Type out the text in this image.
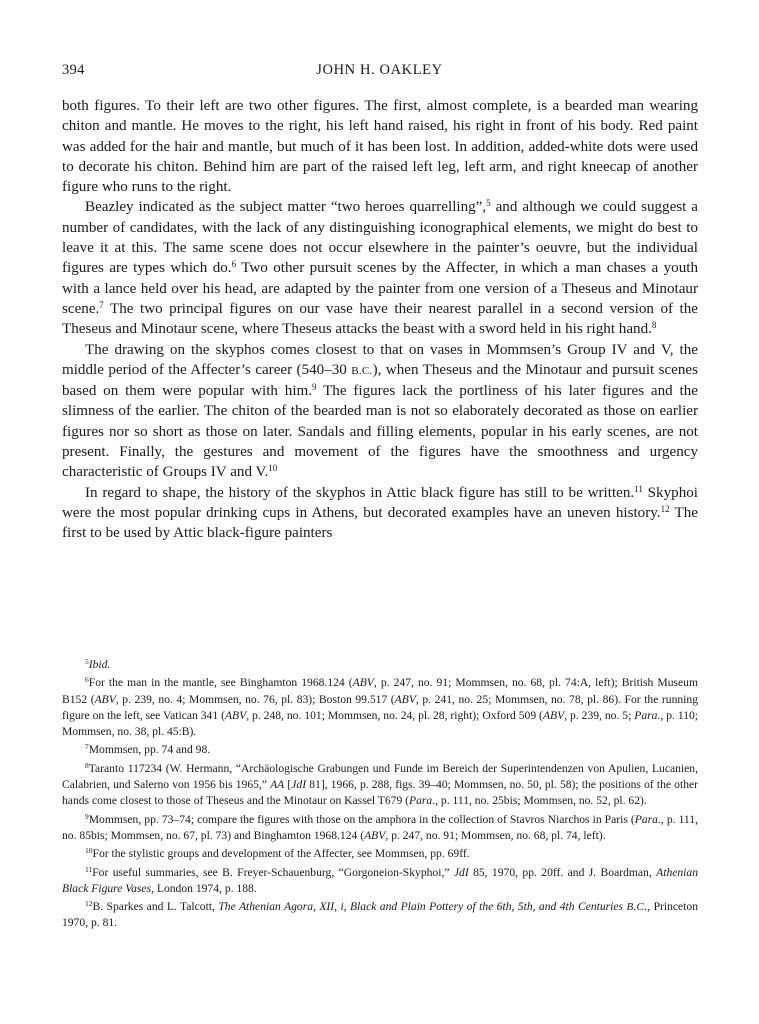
394	JOHN H. OAKLEY

both figures. To their left are two other figures. The first, almost complete, is a bearded man wearing chiton and mantle. He moves to the right, his left hand raised, his right in front of his body. Red paint was added for the hair and mantle, but much of it has been lost. In addition, added-white dots were used to decorate his chiton. Behind him are part of the raised left leg, left arm, and right kneecap of another figure who runs to the right.

Beazley indicated as the subject matter “two heroes quarrelling”,$^5$ and although we could suggest a number of candidates, with the lack of any distinguishing iconographical elements, we might do best to leave it at this. The same scene does not occur elsewhere in the painter’s oeuvre, but the individual figures are types which do.$^6$ Two other pursuit scenes by the Affecter, in which a man chases a youth with a lance held over his head, are adapted by the painter from one version of a Theseus and Minotaur scene.$^7$ The two principal figures on our vase have their nearest parallel in a second version of the Theseus and Minotaur scene, where Theseus attacks the beast with a sword held in his right hand.$^8$

The drawing on the skyphos comes closest to that on vases in Mommsen’s Group IV and V, the middle period of the Affecter’s career (540–30 B.C.), when Theseus and the Minotaur and pursuit scenes based on them were popular with him.$^9$ The figures lack the portliness of his later figures and the slimness of the earlier. The chiton of the bearded man is not so elaborately decorated as those on earlier figures nor so short as those on later. Sandals and filling elements, popular in his early scenes, are not present. Finally, the gestures and movement of the figures have the smoothness and urgency characteristic of Groups IV and V.$^{10}$

In regard to shape, the history of the skyphos in Attic black figure has still to be written.$^{11}$ Skyphoi were the most popular drinking cups in Athens, but decorated examples have an uneven history.$^{12}$ The first to be used by Attic black-figure painters

$^5$Ibid.

$^6$For the man in the mantle, see Binghamton 1968.124 (ABV, p. 247, no. 91; Mommsen, no. 68, pl. 74:A, left); British Museum B152 (ABV, p. 239, no. 4; Mommsen, no. 76, pl. 83); Boston 99.517 (ABV, p. 241, no. 25; Mommsen, no. 78, pl. 86). For the running figure on the left, see Vatican 341 (ABV, p. 248, no. 101; Mommsen, no. 24, pl. 28, right); Oxford 509 (ABV, p. 239, no. 5; Para., p. 110; Mommsen, no. 38, pl. 45:B).

$^7$Mommsen, pp. 74 and 98.

$^8$Taranto 117234 (W. Hermann, “Archäologische Grabungen und Funde im Bereich der Superintendenzen von Apulien, Lucanien, Calabrien, und Salerno von 1956 bis 1965,” AA [JdI 81], 1966, p. 288, figs. 39–40; Mommsen, no. 50, pl. 58); the positions of the other hands come closest to those of Theseus and the Minotaur on Kassel T679 (Para., p. 111, no. 25bis; Mommsen, no. 52, pl. 62).

$^9$Mommsen, pp. 73–74; compare the figures with those on the amphora in the collection of Stavros Niarchos in Paris (Para., p. 111, no. 85bis; Mommsen, no. 67, pl. 73) and Binghamton 1968.124 (ABV, p. 247, no. 91; Mommsen, no. 68, pl. 74, left).

$^{10}$For the stylistic groups and development of the Affecter, see Mommsen, pp. 69ff.

$^{11}$For useful summaries, see B. Freyer-Schauenburg, “Gorgoneion-Skyphoi,” JdI 85, 1970, pp. 20ff. and J. Boardman, Athenian Black Figure Vases, London 1974, p. 188.

$^{12}$B. Sparkes and L. Talcott, The Athenian Agora, XII, i, Black and Plain Pottery of the 6th, 5th, and 4th Centuries B.C., Princeton 1970, p. 81.
